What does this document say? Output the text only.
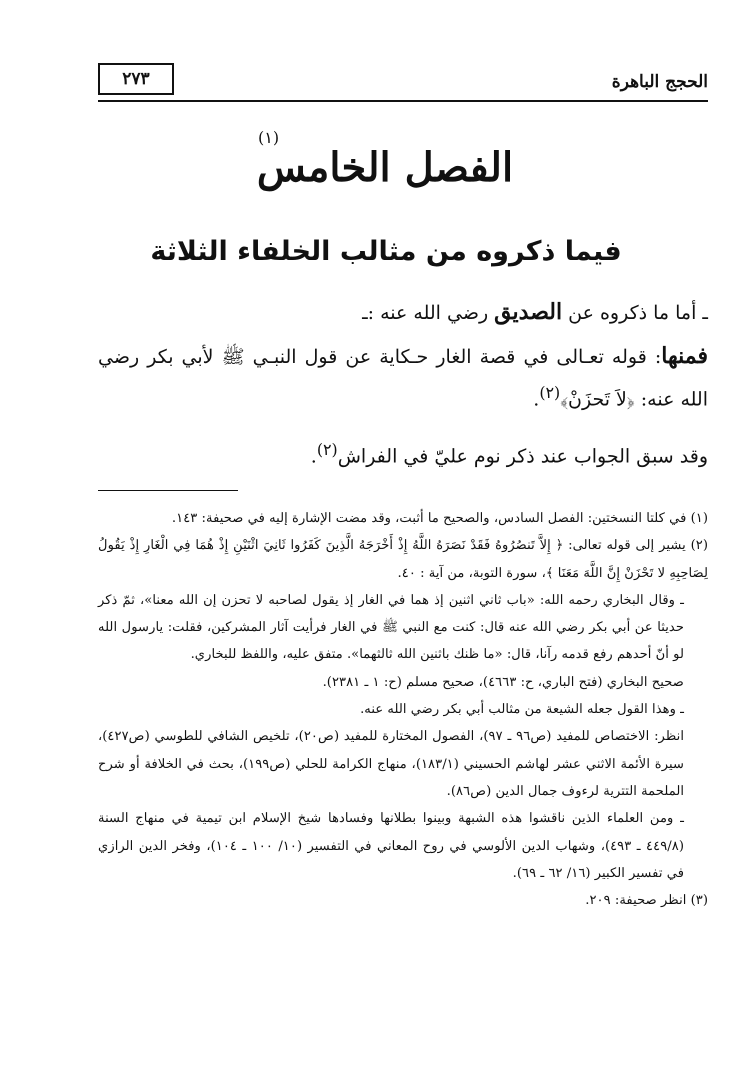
الحجج الباهرة
٢٧٣
(١)
الفصل الخامس
فيما ذكروه من مثالب الخلفاء الثلاثة
ـ أما ما ذكروه عن الصديق رضي الله عنه :ـ
فمنها: قوله تعـالى في قصة الغار حـكاية عن قول النبـي ﷺ لأبي بكر رضي الله عنه: ﴿لاَ تَحزَنْ﴾$^{(٢)}$.
وقد سبق الجواب عند ذكر نوم عليّ في الفراش$^{(٢)}$.

(١) في كلتا النسختين: الفصل السادس، والصحيح ما أثبت، وقد مضت الإشارة إليه في صحيفة: ١٤٣.

(٢) يشير إلى قوله تعالى: ﴿ إِلاَّ تَنصُرُوهُ فَقَدْ نَصَرَهُ اللَّهُ إِذْ أَخْرَجَهُ الَّذِينَ كَفَرُوا ثَانِيَ اثْنَيْنِ إِذْ هُمَا فِي الْغَارِ إِذْ يَقُولُ لِصَاحِبِهِ لا تَحْزَنْ إِنَّ اللَّهَ مَعَنَا ﴾، سورة التوبة، من آية : ٤٠.

ـ وقال البخاري رحمه الله: «باب ثاني اثنين إذ هما في الغار إذ يقول لصاحبه لا تحزن إن الله معنا»، ثمّ ذكر حديثا عن أبي بكر رضي الله عنه قال: كنت مع النبي ﷺ في الغار فرأيت آثار المشركين، فقلت: يارسول الله لو أنّ أحدهم رفع قدمه رآنا، قال: «ما ظنك باثنين الله ثالثهما». متفق عليه، واللفظ للبخاري.

صحيح البخاري (فتح الباري، ح: ٤٦٦٣)، صحيح مسلم (ح: ١ ـ ٢٣٨١).

ـ وهذا القول جعله الشيعة من مثالب أبي بكر رضي الله عنه.

انظر: الاختصاص للمفيد (ص٩٦ ـ ٩٧)، الفصول المختارة للمفيد (ص٢٠)، تلخيص الشافي للطوسي (ص٤٢٧)، سيرة الأئمة الاثني عشر لهاشم الحسيني (١٨٣/١)، منهاج الكرامة للحلي (ص١٩٩)، بحث في الخلافة أو شرح الملحمة التترية لرءوف جمال الدين (ص٨٦).

ـ ومن العلماء الذين ناقشوا هذه الشبهة وبينوا بطلانها وفسادها شيخ الإسلام ابن تيمية في منهاج السنة (٤٤٩/٨ ـ ٤٩٣)، وشهاب الدين الألوسي في روح المعاني في التفسير (١٠/ ١٠٠ ـ ١٠٤)، وفخر الدين الرازي في تفسير الكبير (١٦/ ٦٢ ـ ٦٩).

(٣) انظر صحيفة: ٢٠٩.
